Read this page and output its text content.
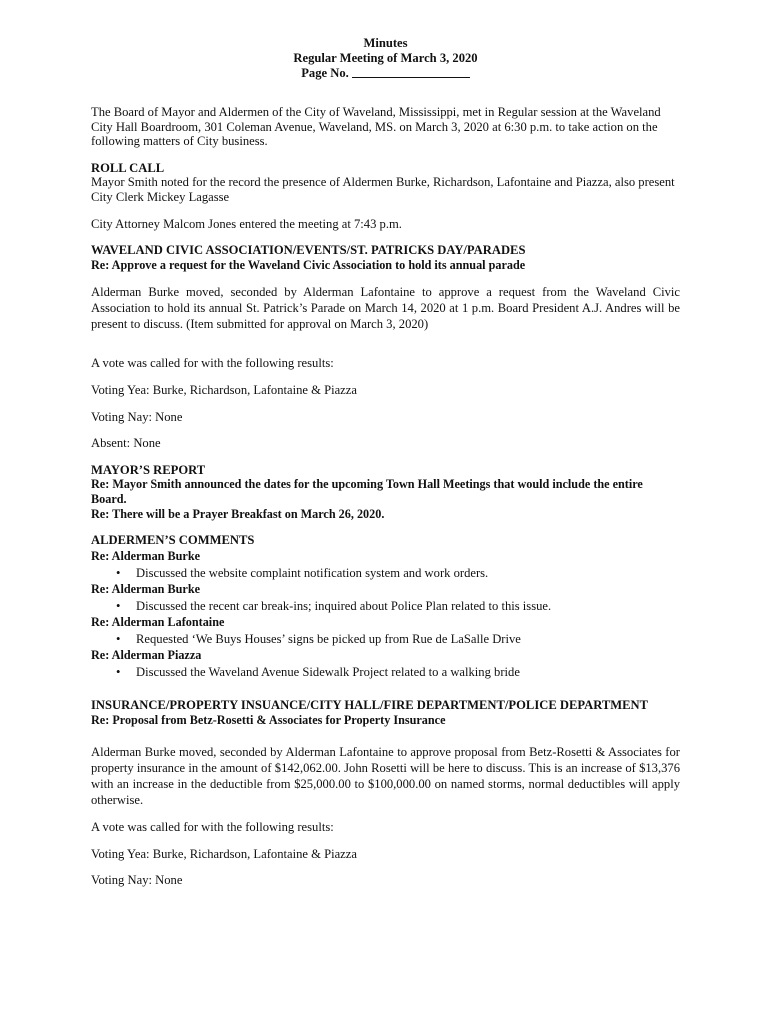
Minutes
Regular Meeting of March 3, 2020
Page No.

The Board of Mayor and Aldermen of the City of Waveland, Mississippi, met in Regular session at the Waveland City Hall Boardroom, 301 Coleman Avenue, Waveland, MS. on March 3, 2020 at 6:30 p.m. to take action on the following matters of City business.

ROLL CALL

Mayor Smith noted for the record the presence of Aldermen Burke, Richardson, Lafontaine and Piazza, also present City Clerk Mickey Lagasse

City Attorney Malcom Jones entered the meeting at 7:43 p.m.

WAVELAND CIVIC ASSOCIATION/EVENTS/ST. PATRICKS DAY/PARADES

Re: Approve a request for the Waveland Civic Association to hold its annual parade

Alderman Burke moved, seconded by Alderman Lafontaine to approve a request from the Waveland Civic Association to hold its annual St. Patrick’s Parade on March 14, 2020 at 1 p.m. Board President A.J. Andres will be present to discuss. (Item submitted for approval on March 3, 2020)

A vote was called for with the following results:

Voting Yea: Burke, Richardson, Lafontaine & Piazza

Voting Nay: None

Absent: None

MAYOR’S REPORT

Re: Mayor Smith announced the dates for the upcoming Town Hall Meetings that would include the entire Board.

Re: There will be a Prayer Breakfast on March 26, 2020.

ALDERMEN’S COMMENTS

Re: Alderman Burke

• Discussed the website complaint notification system and work orders.

Re: Alderman Burke

• Discussed the recent car break-ins; inquired about Police Plan related to this issue.

Re: Alderman Lafontaine

• Requested ‘We Buys Houses’ signs be picked up from Rue de LaSalle Drive

Re: Alderman Piazza

• Discussed the Waveland Avenue Sidewalk Project related to a walking bride

INSURANCE/PROPERTY INSUANCE/CITY HALL/FIRE DEPARTMENT/POLICE DEPARTMENT

Re: Proposal from Betz-Rosetti & Associates for Property Insurance

Alderman Burke moved, seconded by Alderman Lafontaine to approve proposal from Betz-Rosetti & Associates for property insurance in the amount of $142,062.00. John Rosetti will be here to discuss. This is an increase of $13,376 with an increase in the deductible from $25,000.00 to $100,000.00 on named storms, normal deductibles will apply otherwise.

A vote was called for with the following results:

Voting Yea: Burke, Richardson, Lafontaine & Piazza

Voting Nay: None
